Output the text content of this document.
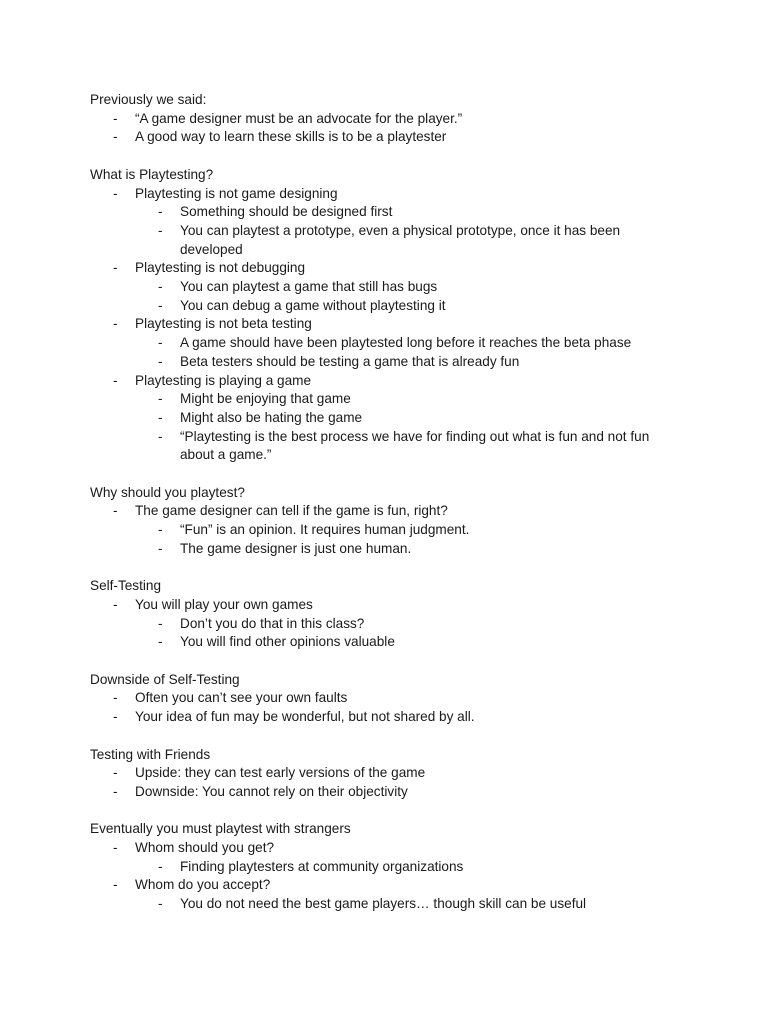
Previously we said:
-	“A game designer must be an advocate for the player.”
-	A good way to learn these skills is to be a playtester
What is Playtesting?
-	Playtesting is not game designing
-	Something should be designed first
-	You can playtest a prototype, even a physical prototype, once it has been developed
-	Playtesting is not debugging
-	You can playtest a game that still has bugs
-	You can debug a game without playtesting it
-	Playtesting is not beta testing
-	A game should have been playtested long before it reaches the beta phase
-	Beta testers should be testing a game that is already fun
-	Playtesting is playing a game
-	Might be enjoying that game
-	Might also be hating the game
-	“Playtesting is the best process we have for finding out what is fun and not fun about a game.”
Why should you playtest?
-	The game designer can tell if the game is fun, right?
-	“Fun” is an opinion. It requires human judgment.
-	The game designer is just one human.
Self-Testing
-	You will play your own games
-	Don’t you do that in this class?
-	You will find other opinions valuable
Downside of Self-Testing
-	Often you can’t see your own faults
-	Your idea of fun may be wonderful, but not shared by all.
Testing with Friends
-	Upside: they can test early versions of the game
-	Downside: You cannot rely on their objectivity
Eventually you must playtest with strangers
-	Whom should you get?
-	Finding playtesters at community organizations
-	Whom do you accept?
-	You do not need the best game players… though skill can be useful
